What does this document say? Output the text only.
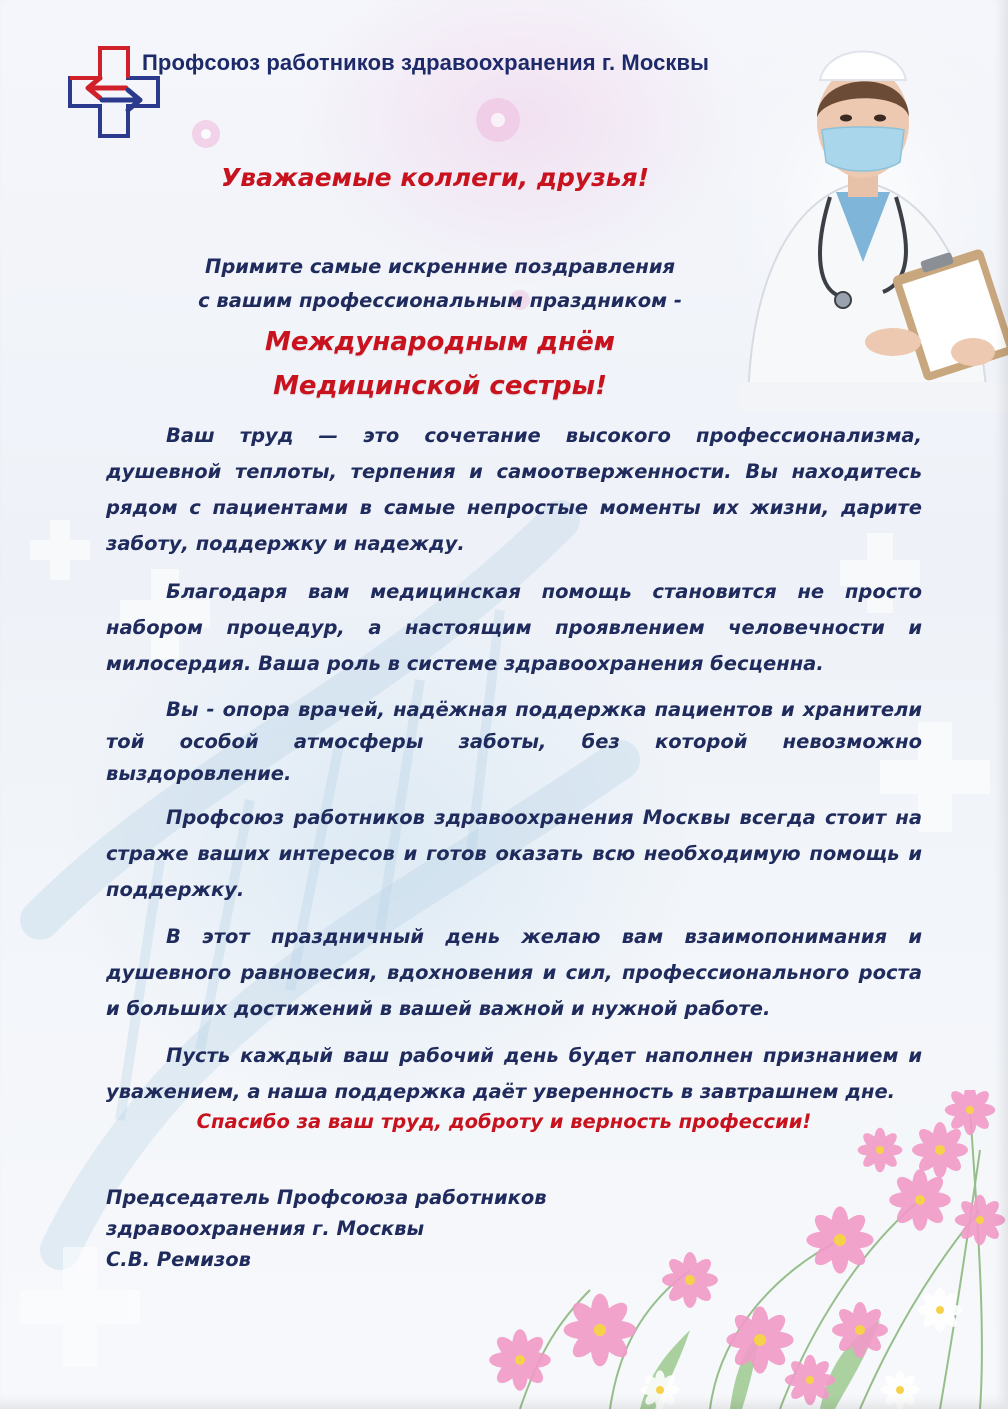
Профсоюз работников здравоохранения г. Москвы
Уважаемые коллеги, друзья!
Примите самые искренние поздравления
с вашим профессиональным праздником -
Международным днём
Медицинской сестры!

Ваш труд — это сочетание высокого профессионализма, душевной теплоты, терпения и самоотверженности. Вы находитесь рядом с пациентами в самые непростые моменты их жизни, дарите заботу, поддержку и надежду.

Благодаря вам медицинская помощь становится не просто набором процедур, а настоящим проявлением человечности и милосердия. Ваша роль в системе здравоохранения бесценна.

Вы - опора врачей, надёжная поддержка пациентов и хранители той особой атмосферы заботы, без которой невозможно выздоровление.

Профсоюз работников здравоохранения Москвы всегда стоит на страже ваших интересов и готов оказать всю необходимую помощь и поддержку.

В этот праздничный день желаю вам взаимопонимания и душевного равновесия, вдохновения и сил, профессионального роста и больших достижений в вашей важной и нужной работе.

Пусть каждый ваш рабочий день будет наполнен признанием и уважением, а наша поддержка даёт уверенность в завтрашнем дне.

Спасибо за ваш труд, доброту и верность профессии!
Председатель Профсоюза работников
здравоохранения г. Москвы
С.В. Ремизов
